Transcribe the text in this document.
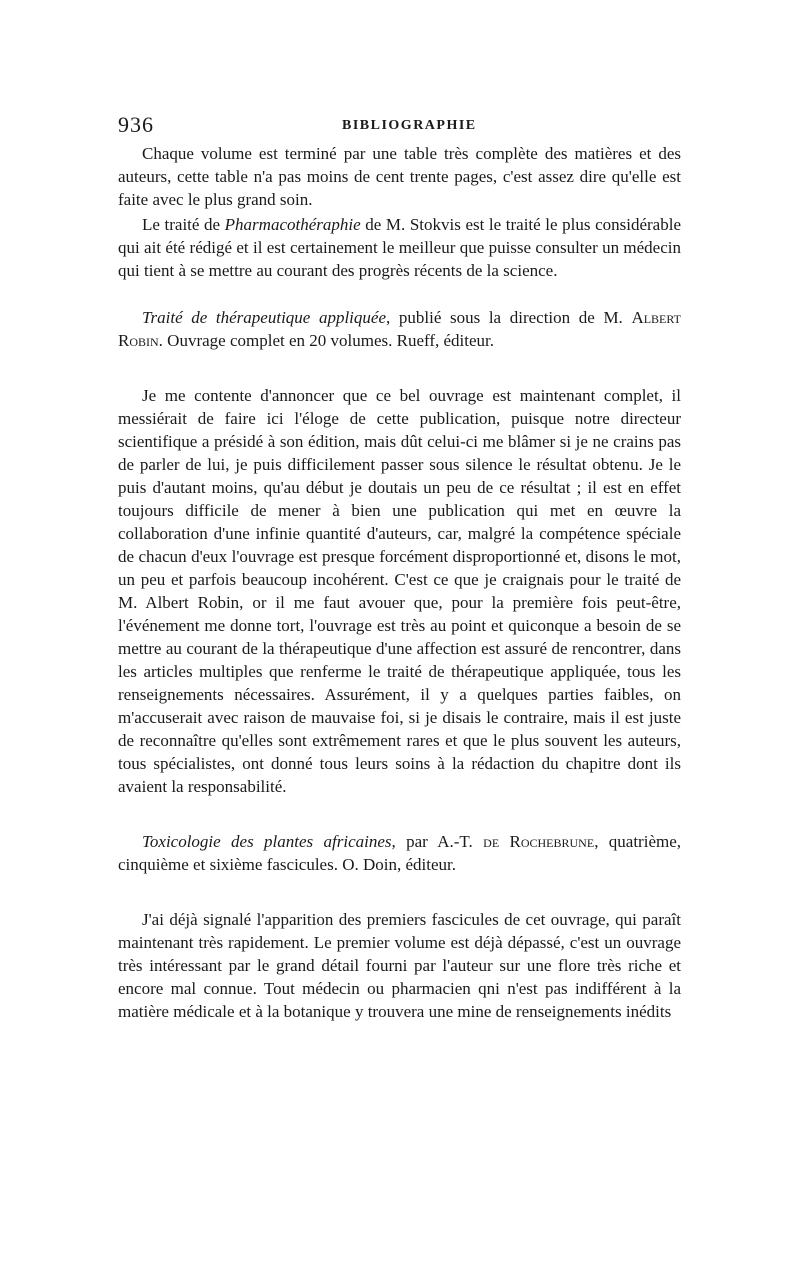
936	BIBLIOGRAPHIE

Chaque volume est terminé par une table très complète des matières et des auteurs, cette table n'a pas moins de cent trente pages, c'est assez dire qu'elle est faite avec le plus grand soin.

Le traité de Pharmacothéraphie de M. Stokvis est le traité le plus considérable qui ait été rédigé et il est certainement le meilleur que puisse consulter un médecin qui tient à se mettre au courant des progrès récents de la science.

Traité de thérapeutique appliquée, publié sous la direction de M. Albert Robin. Ouvrage complet en 20 volumes. Rueff, éditeur.

Je me contente d'annoncer que ce bel ouvrage est maintenant complet, il messiérait de faire ici l'éloge de cette publication, puisque notre directeur scientifique a présidé à son édition, mais dût celui-ci me blâmer si je ne crains pas de parler de lui, je puis difficilement passer sous silence le résultat obtenu. Je le puis d'autant moins, qu'au début je doutais un peu de ce résultat ; il est en effet toujours difficile de mener à bien une publication qui met en œuvre la collaboration d'une infinie quantité d'auteurs, car, malgré la compétence spéciale de chacun d'eux l'ouvrage est presque forcément disproportionné et, disons le mot, un peu et parfois beaucoup incohérent. C'est ce que je craignais pour le traité de M. Albert Robin, or il me faut avouer que, pour la première fois peut-être, l'événement me donne tort, l'ouvrage est très au point et quiconque a besoin de se mettre au courant de la thérapeutique d'une affection est assuré de rencontrer, dans les articles multiples que renferme le traité de thérapeutique appliquée, tous les renseignements nécessaires. Assurément, il y a quelques parties faibles, on m'accuserait avec raison de mauvaise foi, si je disais le contraire, mais il est juste de reconnaître qu'elles sont extrêmement rares et que le plus souvent les auteurs, tous spécialistes, ont donné tous leurs soins à la rédaction du chapitre dont ils avaient la responsabilité.

Toxicologie des plantes africaines, par A.-T. de Rochebrune, quatrième, cinquième et sixième fascicules. O. Doin, éditeur.

J'ai déjà signalé l'apparition des premiers fascicules de cet ouvrage, qui paraît maintenant très rapidement. Le premier volume est déjà dépassé, c'est un ouvrage très intéressant par le grand détail fourni par l'auteur sur une flore très riche et encore mal connue. Tout médecin ou pharmacien qni n'est pas indifférent à la matière médicale et à la botanique y trouvera une mine de renseignements inédits
